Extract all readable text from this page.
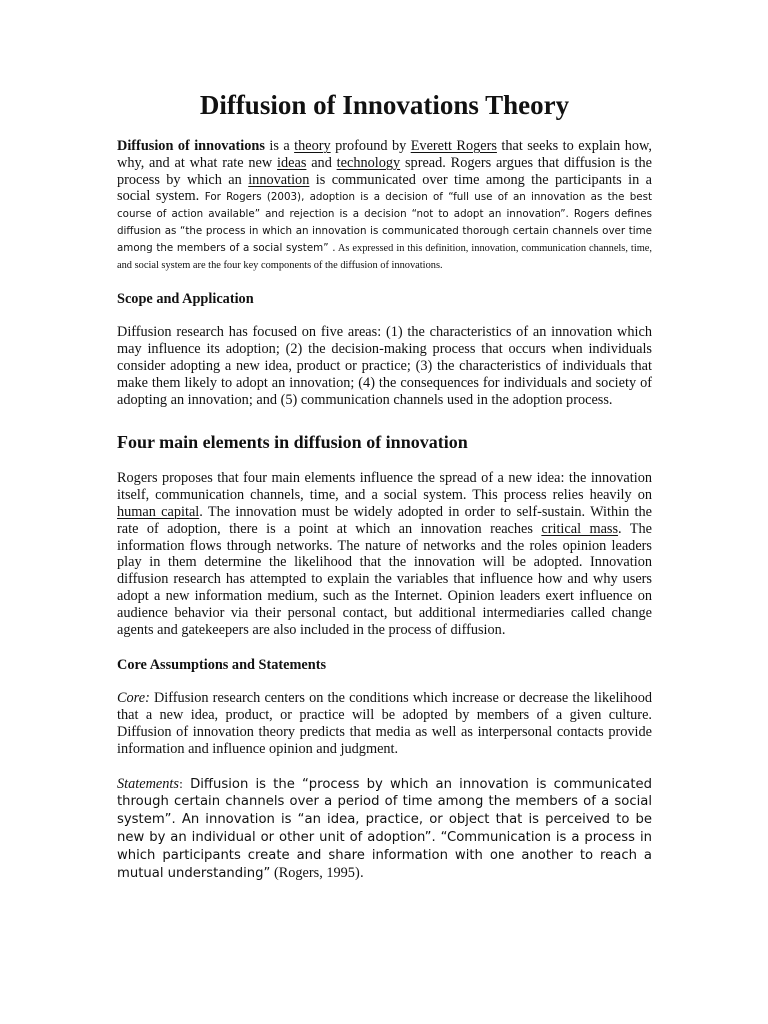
Diffusion of Innovations Theory

Diffusion of innovations is a theory profound by Everett Rogers that seeks to explain how, why, and at what rate new ideas and technology spread. Rogers argues that diffusion is the process by which an innovation is communicated over time among the participants in a social system. For Rogers (2003), adoption is a decision of “full use of an innovation as the best course of action available” and rejection is a decision “not to adopt an innovation”. Rogers defines diffusion as “the process in which an innovation is communicated thorough certain channels over time among the members of a social system” . As expressed in this definition, innovation, communication channels, time, and social system are the four key components of the diffusion of innovations.

Scope and Application

Diffusion research has focused on five areas: (1) the characteristics of an innovation which may influence its adoption; (2) the decision-making process that occurs when individuals consider adopting a new idea, product or practice; (3) the characteristics of individuals that make them likely to adopt an innovation; (4) the consequences for individuals and society of adopting an innovation; and (5) communication channels used in the adoption process.

Four main elements in diffusion of innovation

Rogers proposes that four main elements influence the spread of a new idea: the innovation itself, communication channels, time, and a social system. This process relies heavily on human capital. The innovation must be widely adopted in order to self-sustain. Within the rate of adoption, there is a point at which an innovation reaches critical mass. The information flows through networks. The nature of networks and the roles opinion leaders play in them determine the likelihood that the innovation will be adopted. Innovation diffusion research has attempted to explain the variables that influence how and why users adopt a new information medium, such as the Internet. Opinion leaders exert influence on audience behavior via their personal contact, but additional intermediaries called change agents and gatekeepers are also included in the process of diffusion.

Core Assumptions and Statements

Core: Diffusion research centers on the conditions which increase or decrease the likelihood that a new idea, product, or practice will be adopted by members of a given culture. Diffusion of innovation theory predicts that media as well as interpersonal contacts provide information and influence opinion and judgment.

Statements: Diffusion is the “process by which an innovation is communicated through certain channels over a period of time among the members of a social system”. An innovation is “an idea, practice, or object that is perceived to be new by an individual or other unit of adoption”. “Communication is a process in which participants create and share information with one another to reach a mutual understanding” (Rogers, 1995).
